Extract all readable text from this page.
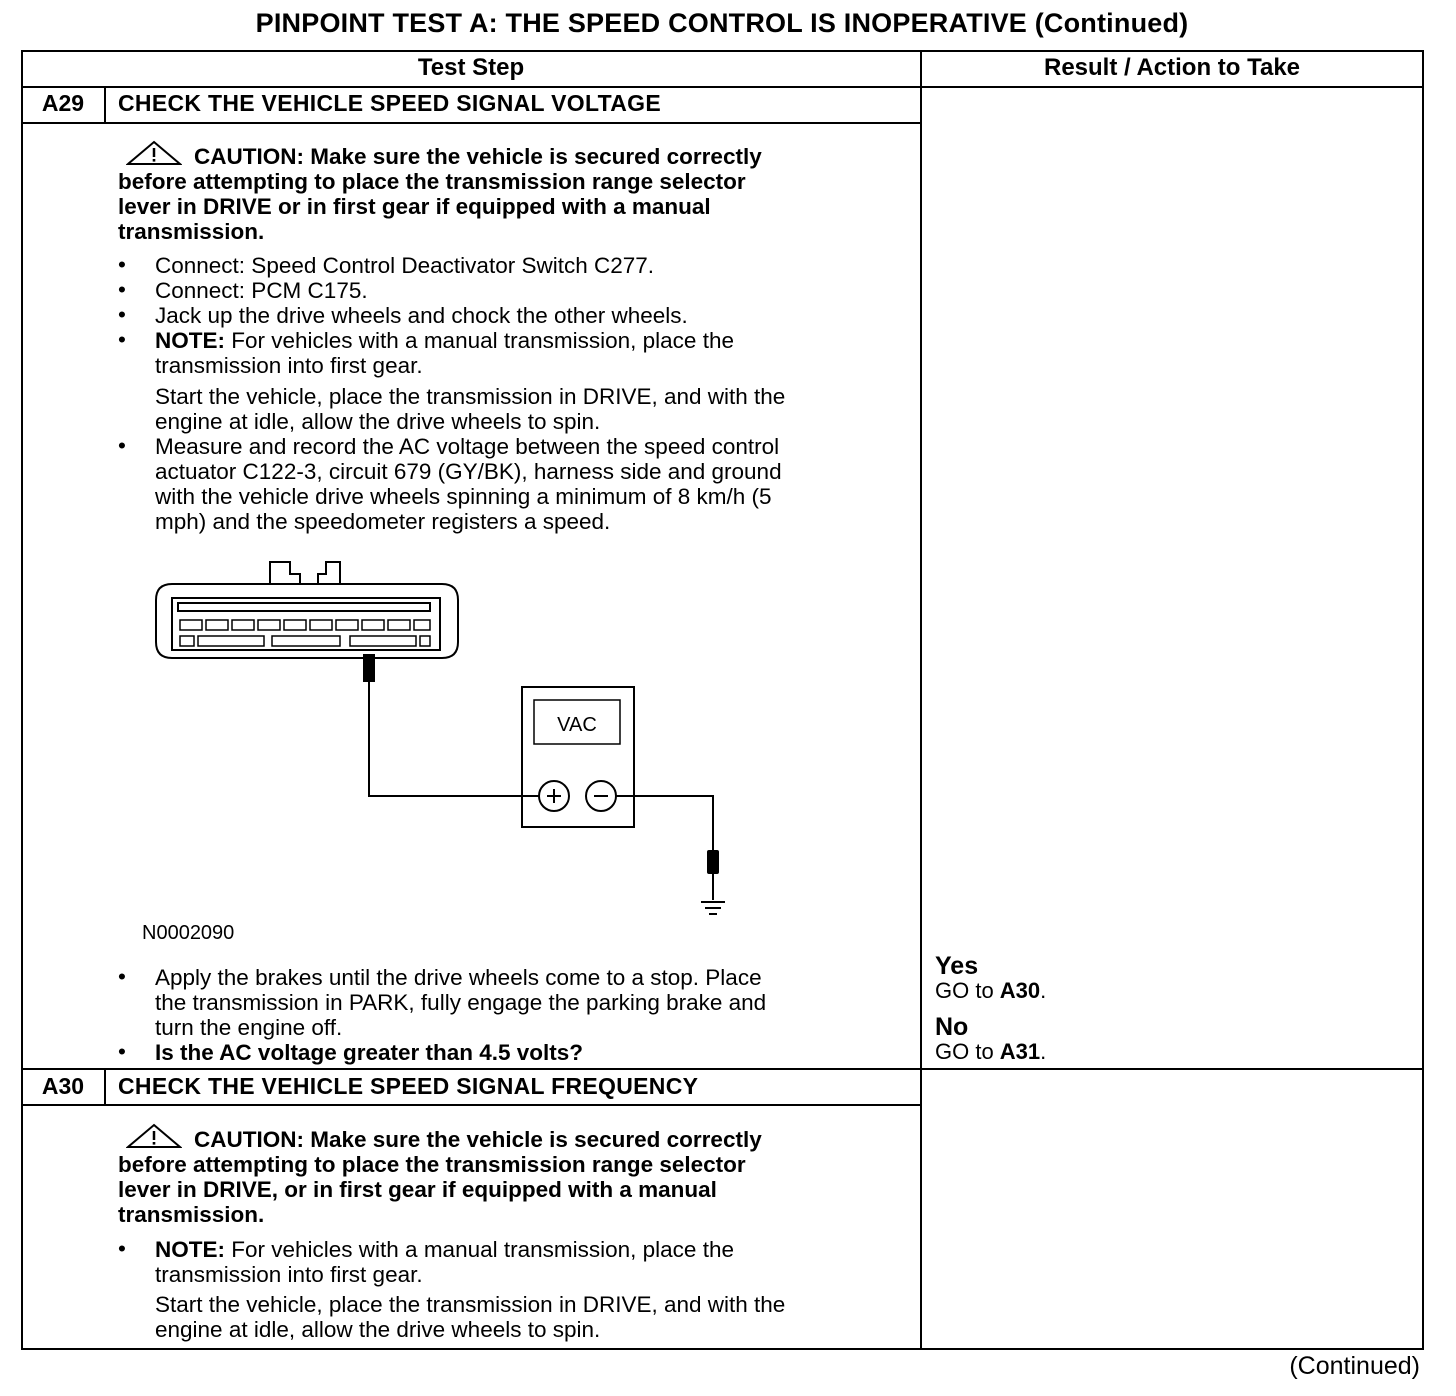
PINPOINT TEST A: THE SPEED CONTROL IS INOPERATIVE (Continued)
Test Step	Result / Action to Take
A29	CHECK THE VEHICLE SPEED SIGNAL VOLTAGE
CAUTION: Make sure the vehicle is secured correctly
before attempting to place the transmission range selector
lever in DRIVE or in first gear if equipped with a manual
transmission.
• Connect: Speed Control Deactivator Switch C277.
• Connect: PCM C175.
• Jack up the drive wheels and chock the other wheels.
• NOTE: For vehicles with a manual transmission, place the
transmission into first gear.
Start the vehicle, place the transmission in DRIVE, and with the
engine at idle, allow the drive wheels to spin.
• Measure and record the AC voltage between the speed control
actuator C122-3, circuit 679 (GY/BK), harness side and ground
with the vehicle drive wheels spinning a minimum of 8 km/h (5
mph) and the speedometer registers a speed.
VAC
N0002090
• Apply the brakes until the drive wheels come to a stop. Place
the transmission in PARK, fully engage the parking brake and
turn the engine off.
• Is the AC voltage greater than 4.5 volts?
Yes
GO to A30.
No
GO to A31.
A30	CHECK THE VEHICLE SPEED SIGNAL FREQUENCY
CAUTION: Make sure the vehicle is secured correctly
before attempting to place the transmission range selector
lever in DRIVE, or in first gear if equipped with a manual
transmission.
• NOTE: For vehicles with a manual transmission, place the
transmission into first gear.
Start the vehicle, place the transmission in DRIVE, and with the
engine at idle, allow the drive wheels to spin.
(Continued)
